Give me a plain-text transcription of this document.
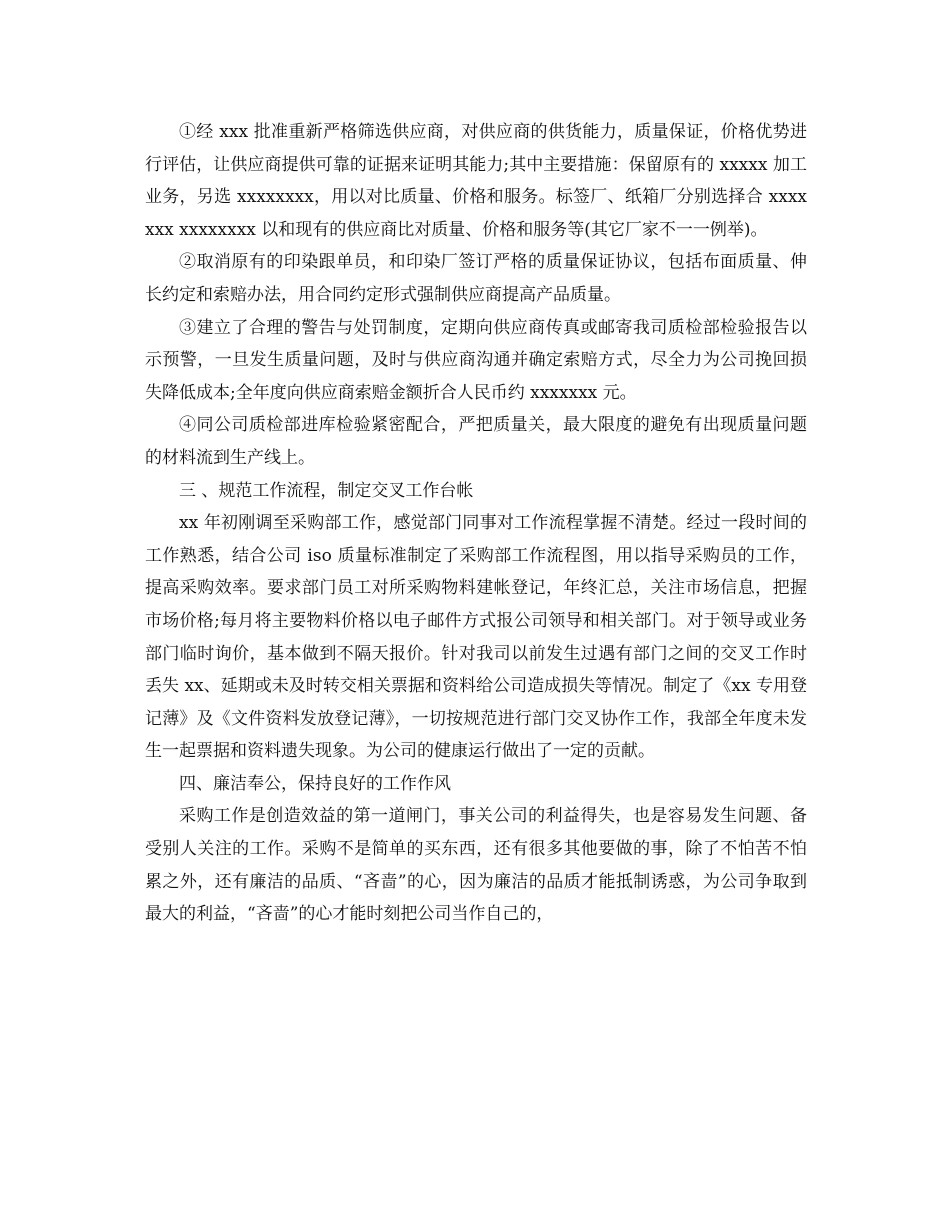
①经 xxx 批准重新严格筛选供应商，对供应商的供货能力，质量保证，价格优势进行评估，让供应商提供可靠的证据来证明其能力;其中主要措施：保留原有的 xxxxx 加工业务，另选 xxxxxxxx，用以对比质量、价格和服务。标签厂、纸箱厂分别选择合 xxxxxxx xxxxxxxx 以和现有的供应商比对质量、价格和服务等(其它厂家不一一例举)。

②取消原有的印染跟单员，和印染厂签订严格的质量保证协议，包括布面质量、伸长约定和索赔办法，用合同约定形式强制供应商提高产品质量。

③建立了合理的警告与处罚制度，定期向供应商传真或邮寄我司质检部检验报告以示预警，一旦发生质量问题，及时与供应商沟通并确定索赔方式，尽全力为公司挽回损失降低成本;全年度向供应商索赔金额折合人民币约 xxxxxxx 元。

④同公司质检部进库检验紧密配合，严把质量关，最大限度的避免有出现质量问题的材料流到生产线上。

三 、规范工作流程，制定交叉工作台帐

xx 年初刚调至采购部工作，感觉部门同事对工作流程掌握不清楚。经过一段时间的工作熟悉，结合公司 iso 质量标准制定了采购部工作流程图，用以指导采购员的工作，提高采购效率。要求部门员工对所采购物料建帐登记，年终汇总，关注市场信息，把握市场价格;每月将主要物料价格以电子邮件方式报公司领导和相关部门。对于领导或业务部门临时询价，基本做到不隔天报价。针对我司以前发生过遇有部门之间的交叉工作时丢失 xx、延期或未及时转交相关票据和资料给公司造成损失等情况。制定了《xx 专用登记薄》及《文件资料发放登记薄》，一切按规范进行部门交叉协作工作，我部全年度未发生一起票据和资料遗失现象。为公司的健康运行做出了一定的贡献。

四、廉洁奉公，保持良好的工作作风

采购工作是创造效益的第一道闸门，事关公司的利益得失，也是容易发生问题、备受别人关注的工作。采购不是简单的买东西，还有很多其他要做的事，除了不怕苦不怕累之外，还有廉洁的品质、“吝啬”的心，因为廉洁的品质才能抵制诱惑，为公司争取到最大的利益，“吝啬”的心才能时刻把公司当作自己的，
